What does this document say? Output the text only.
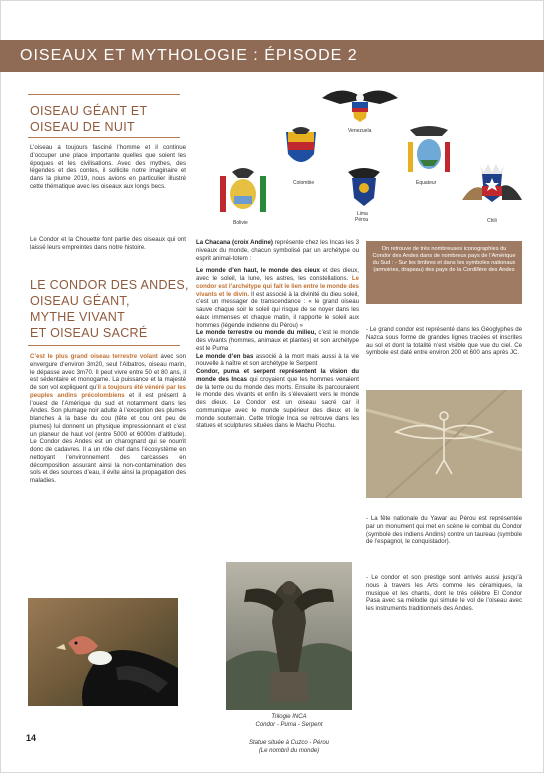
OISEAUX ET MYTHOLOGIE : ÉPISODE 2
OISEAU GÉANT ET
OISEAU DE NUIT
L’oiseau a toujours fasciné l’homme et il continue d’occuper une place importante quelles que soient les époques et les civilisations. Avec des mythes, des légendes et des contes, il sollicite notre imaginaire et dans la plume 2019, nous avions en particulier illustré cette thématique avec les oiseaux aux longs becs.
Le Condor et la Chouette font partie des oiseaux qui ont laissé leurs empreintes dans notre histoire.
LE CONDOR DES ANDES,
OISEAU GÉANT,
MYTHE VIVANT
ET OISEAU SACRÉ
C’est le plus grand oiseau terrestre volant avec son envergure d’environ 3m20, seul l’Albatros, oiseau marin, le dépasse avec 3m70. Il peut vivre entre 50 et 80 ans, il est sédentaire et monogame. La puissance et la majesté de son vol expliquent qu’il a toujours été vénéré par les peuples andins précolombiens et il est présent à l’ouest de l’Amérique du sud et notamment dans les Andes. Son plumage noir adulte à l’exception des plumes blanches à la base du cou (tête et cou ont peu de plumes) lui donnent un physique impressionnant et c’est un planeur de haut vol (entre 5000 et 6000m d’altitude). Le Condor des Andes est un charognard qui se nourrit donc de cadavres. Il a un rôle clef dans l’écosystème en nettoyant l’environnement des carcasses en décomposition assurant ainsi la non-contamination des sols et des sources d’eau, il évite ainsi la propagation des maladies.
Venezuela
Colombie	Equateur
Bolivie
Lima
Pérou	Chili
La Chacana (croix Andine) représente chez les Incas les 3 niveaux du monde, chacun symbolisé par un archétype ou esprit animal-totem :

Le monde d’en haut, le monde des cieux et des dieux, avec le soleil, la lune, les astres, les constellations. Le condor est l’archétype qui fait le lien entre le monde des vivants et le divin. Il est associé à la divinité du dieu soleil, c’est un messager de transcendance : « le grand oiseau sauve chaque soir le soleil qui risque de se noyer dans les eaux immenses et chaque matin, il rapporte le soleil aux hommes (légende indienne du Pérou) »
Le monde terrestre ou monde du milieu, c’est le monde des vivants (hommes, animaux et plantes) et son archétype est le Puma
Le monde d’en bas associé à la mort mais aussi à la vie nouvelle à naître et son archétype le Serpent
Condor, puma et serpent représentent la vision du monde des Incas qui croyaient que les hommes venaient de la terre ou du monde des morts. Ensuite ils parcouraient le monde des vivants et enfin ils s’élevaient vers le monde des dieux. Le Condor est un oiseau sacré car il communique avec le monde supérieur des dieux et le monde souterrain. Cette trilogie Inca se retrouve dans les statues et sculptures situées dans le Machu Picchu.
Trilogie INCA
Condor - Puma - Serpent
Statue située à Cuzco - Pérou
(Le nombril du monde)
On retrouve de très nombreuses iconographies du Condor des Andes dans de nombreux pays de l’Amérique du Sud : - Sur les timbres et dans les symboles nationaux (armoiries, drapeau) des pays de la Cordillère des Andes
- Le grand condor est représenté dans les Géoglyphes de Nazca sous forme de grandes lignes tracées et inscrites au sol et dont la totalité n’est visible que vue du ciel. Ce symbole est daté entre environ 200 et 600 ans après JC.
- La fête nationale du Yawar au Pérou est représentée par un monument qui met en scène le combat du Condor (symbole des indiens Andins) contre un taureau (symbole de l’espagnol, le conquistador).
- Le condor et son prestige sont arrivés aussi jusqu’à nous à travers les Arts comme les céramiques, la musique et les chants, dont le très célèbre El Condor Pasa avec sa mélodie qui simule le vol de l’oiseau avec les instruments traditionnels des Andes.
14
